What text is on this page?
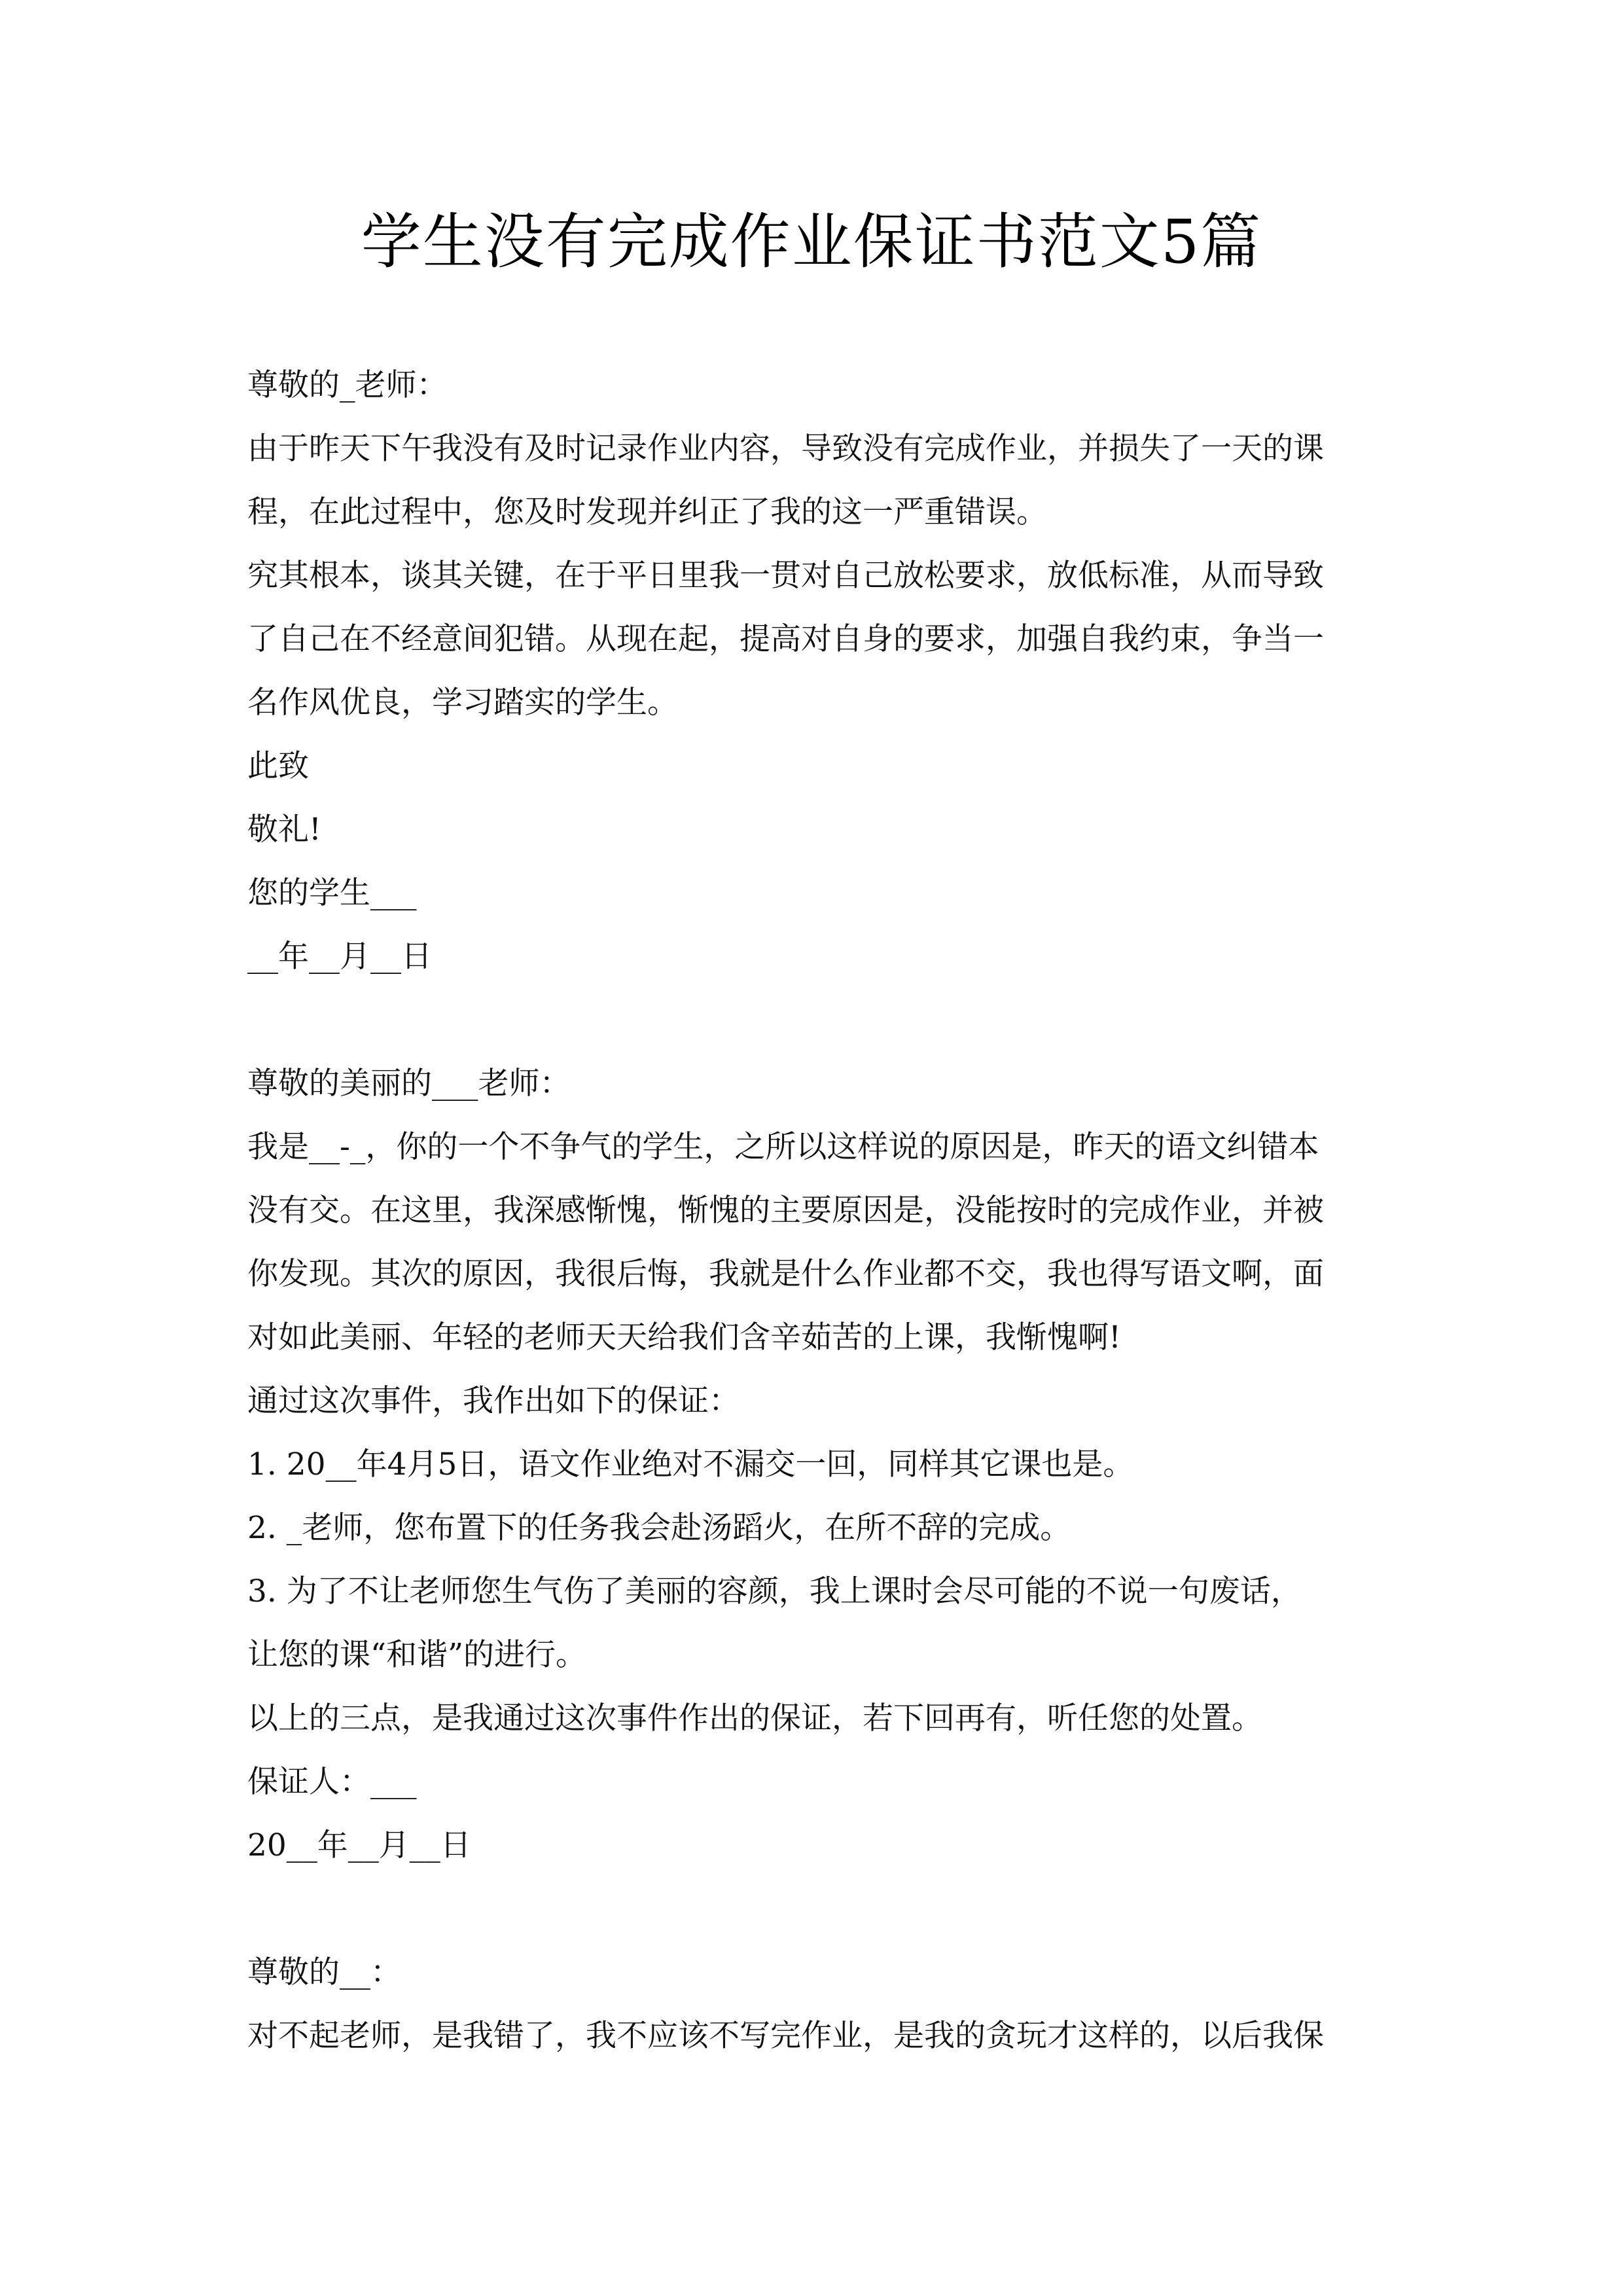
学生没有完成作业保证书范文5篇
尊敬的_老师：
由于昨天下午我没有及时记录作业内容，导致没有完成作业，并损失了一天的课
程，在此过程中，您及时发现并纠正了我的这一严重错误。
究其根本，谈其关键，在于平日里我一贯对自己放松要求，放低标准，从而导致
了自己在不经意间犯错。从现在起，提高对自身的要求，加强自我约束，争当一
名作风优良，学习踏实的学生。
此致
敬礼!
您的学生___
__年__月__日
尊敬的美丽的___老师：
我是__-_，你的一个不争气的学生，之所以这样说的原因是，昨天的语文纠错本
没有交。在这里，我深感惭愧，惭愧的主要原因是，没能按时的完成作业，并被
你发现。其次的原因，我很后悔，我就是什么作业都不交，我也得写语文啊，面
对如此美丽、年轻的老师天天给我们含辛茹苦的上课，我惭愧啊!
通过这次事件，我作出如下的保证：
1. 20__年4月5日，语文作业绝对不漏交一回，同样其它课也是。
2. _老师，您布置下的任务我会赴汤蹈火，在所不辞的完成。
3. 为了不让老师您生气伤了美丽的容颜，我上课时会尽可能的不说一句废话，
让您的课“和谐”的进行。
以上的三点，是我通过这次事件作出的保证，若下回再有，听任您的处置。
保证人：___
20__年__月__日
尊敬的__：
对不起老师，是我错了，我不应该不写完作业，是我的贪玩才这样的，以后我保
